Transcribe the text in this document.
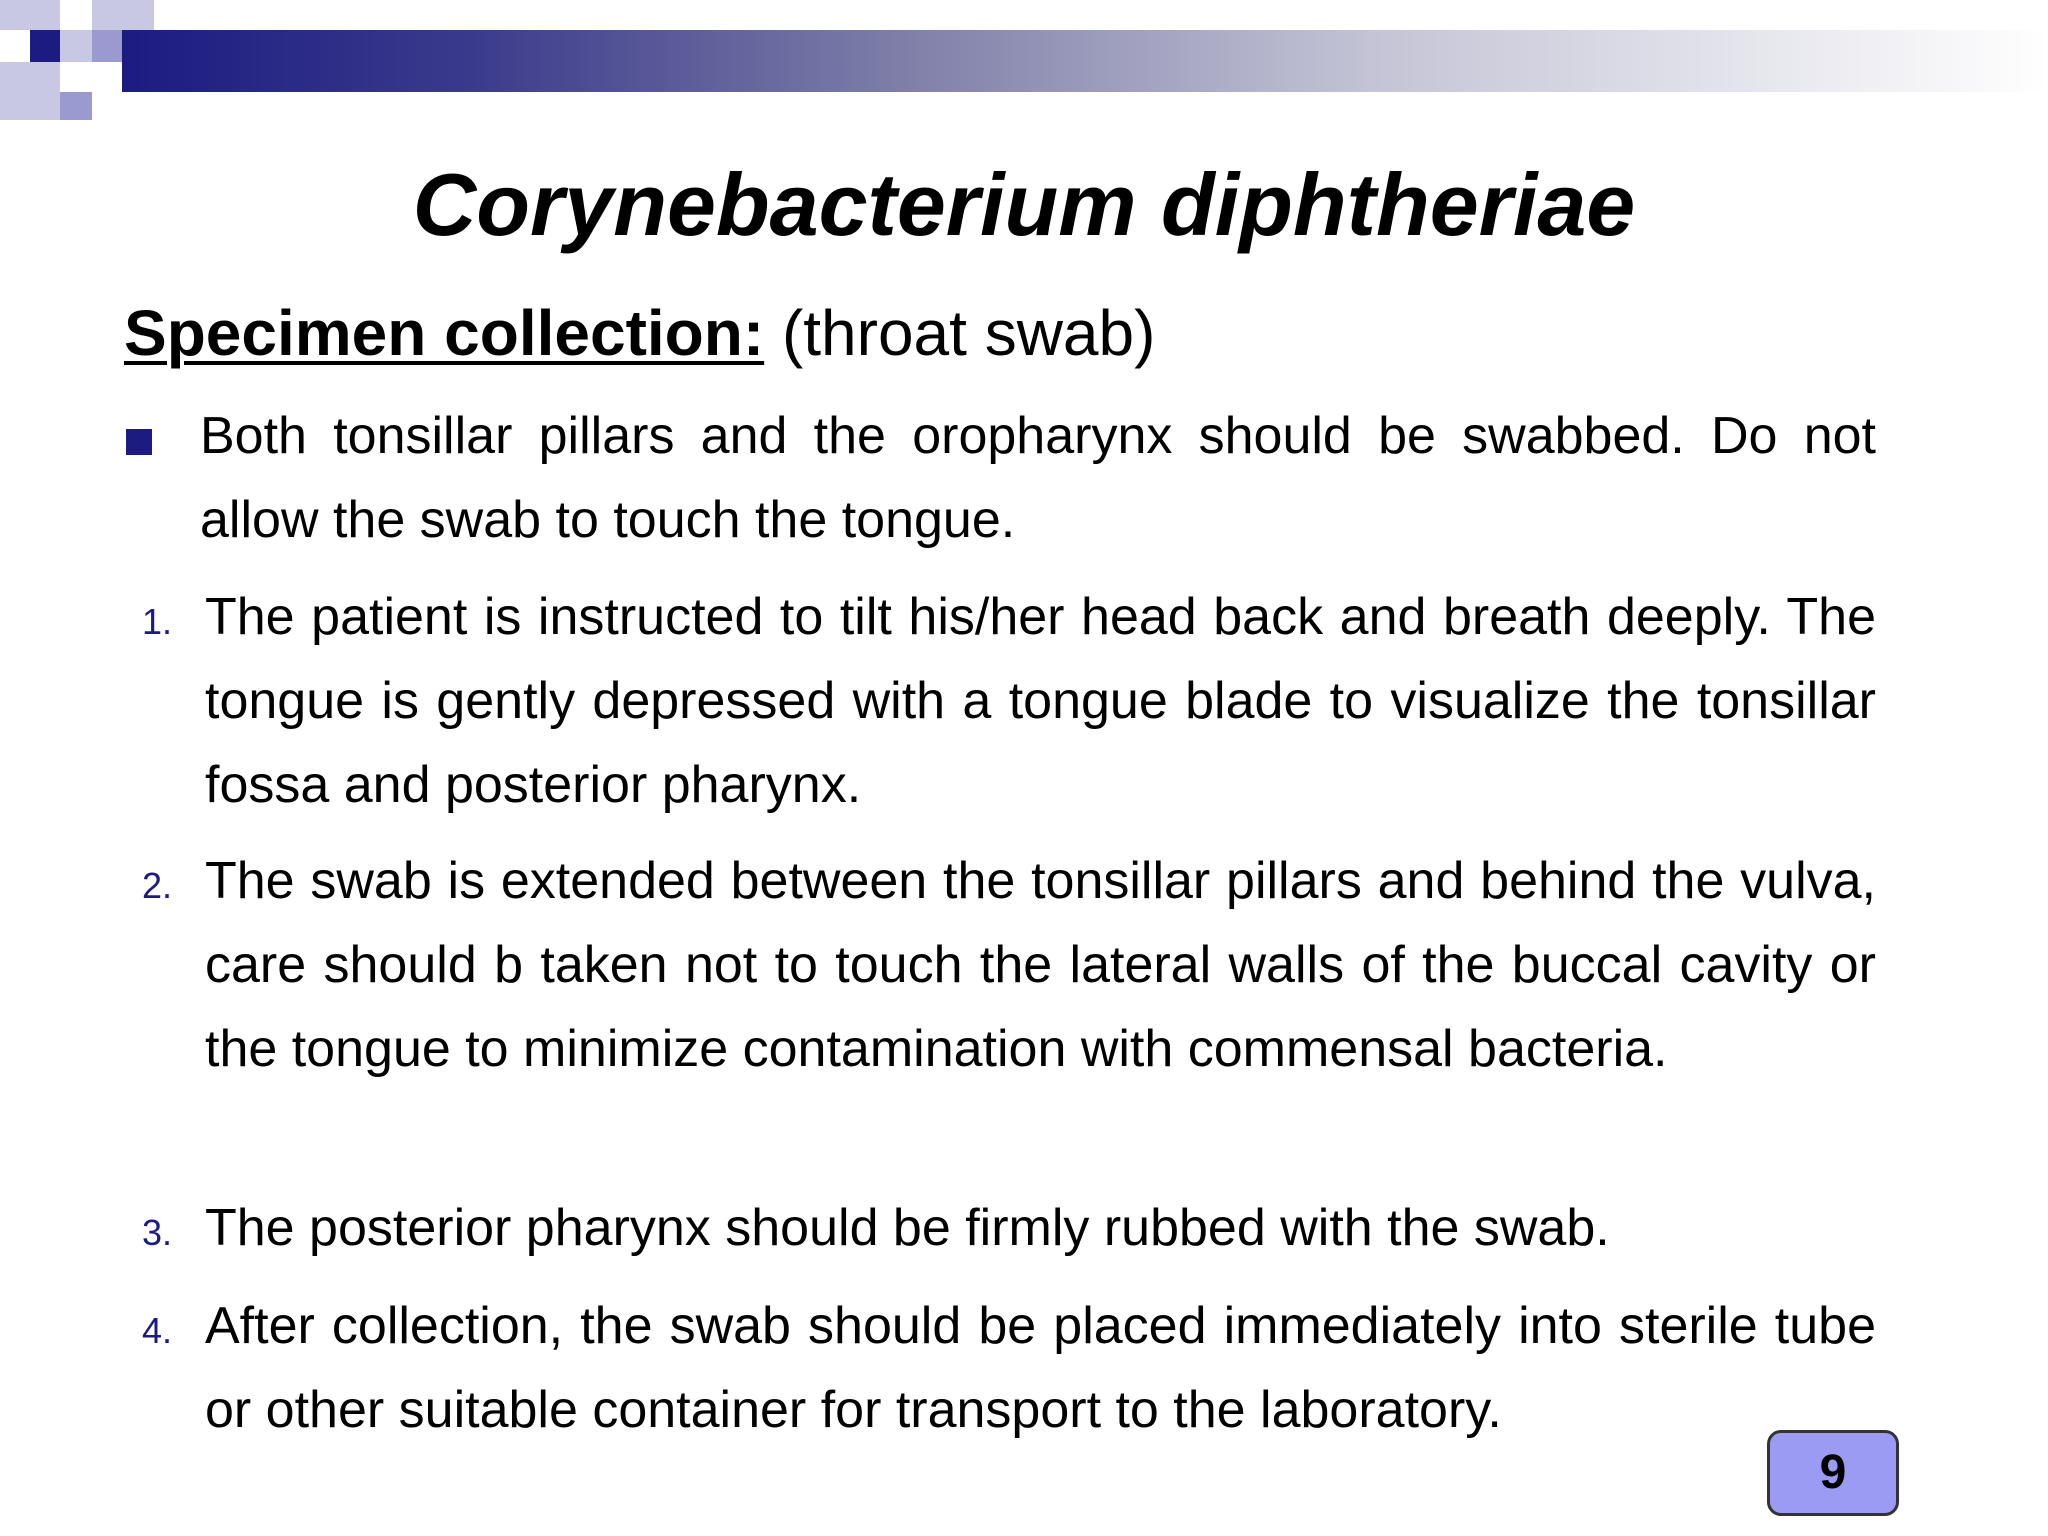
Corynebacterium diphtheriae
Specimen collection: (throat swab)

Both tonsillar pillars and the oropharynx should be swabbed. Do not allow the swab to touch the tongue.

1. The patient is instructed to tilt his/her head back and breath deeply. The tongue is gently depressed with a tongue blade to visualize the tonsillar fossa and posterior pharynx.

2. The swab is extended between the tonsillar pillars and behind the vulva, care should b taken not to touch the lateral walls of the buccal cavity or the tongue to minimize contamination with commensal bacteria.

3. The posterior pharynx should be firmly rubbed with the swab.

4. After collection, the swab should be placed immediately into sterile tube or other suitable container for transport to the laboratory.

9
